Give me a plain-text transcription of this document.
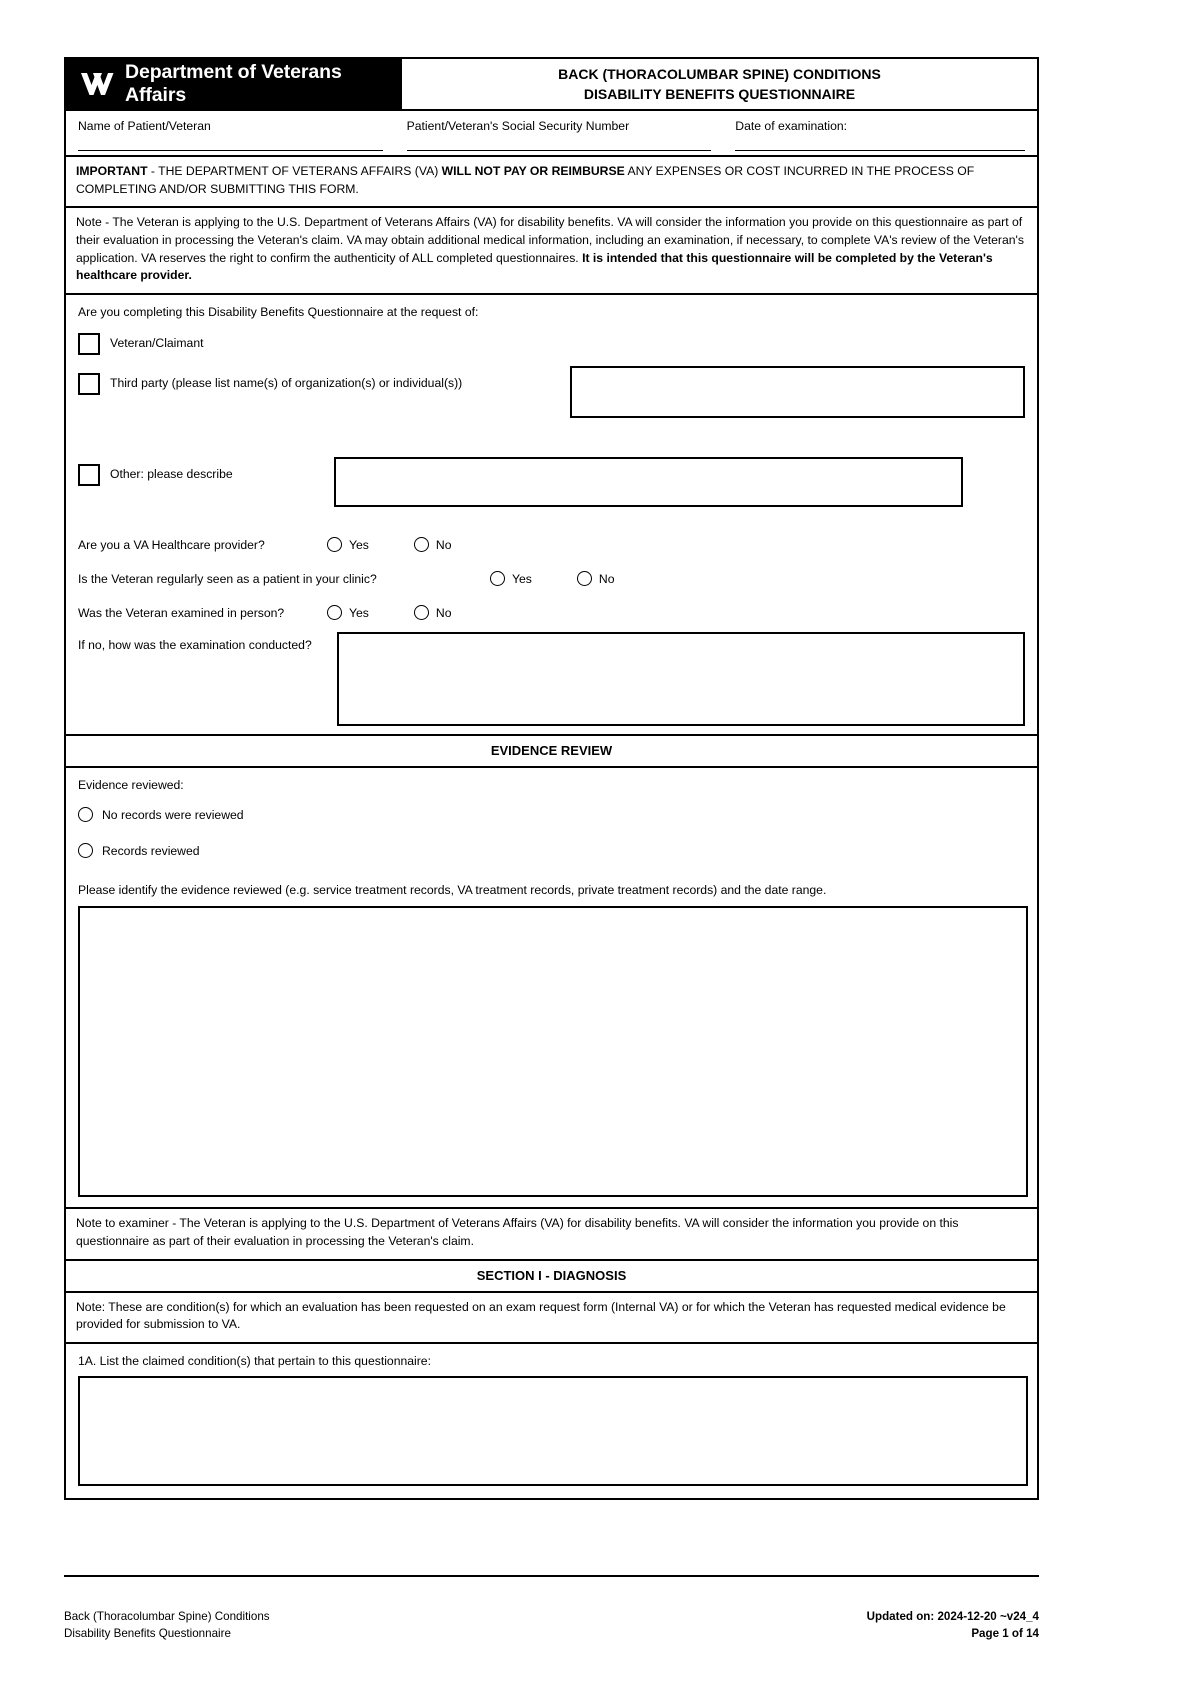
Department of Veterans Affairs
BACK (THORACOLUMBAR SPINE) CONDITIONS
DISABILITY BENEFITS QUESTIONNAIRE
Name of Patient/Veteran	Patient/Veteran's Social Security Number	Date of examination:
IMPORTANT - THE DEPARTMENT OF VETERANS AFFAIRS (VA) WILL NOT PAY OR REIMBURSE ANY EXPENSES OR COST INCURRED IN THE PROCESS OF COMPLETING AND/OR SUBMITTING THIS FORM.
Note - The Veteran is applying to the U.S. Department of Veterans Affairs (VA) for disability benefits. VA will consider the information you provide on this questionnaire as part of their evaluation in processing the Veteran's claim. VA may obtain additional medical information, including an examination, if necessary, to complete VA's review of the Veteran's application. VA reserves the right to confirm the authenticity of ALL completed questionnaires. It is intended that this questionnaire will be completed by the Veteran's healthcare provider.
Are you completing this Disability Benefits Questionnaire at the request of:
Veteran/Claimant
Third party (please list name(s) of organization(s) or individual(s))
Other: please describe
Are you a VA Healthcare provider?	Yes	No
Is the Veteran regularly seen as a patient in your clinic?	Yes	No
Was the Veteran examined in person?	Yes	No
If no, how was the examination conducted?
EVIDENCE REVIEW
Evidence reviewed:
No records were reviewed
Records reviewed
Please identify the evidence reviewed (e.g. service treatment records, VA treatment records, private treatment records) and the date range.
Note to examiner - The Veteran is applying to the U.S. Department of Veterans Affairs (VA) for disability benefits. VA will consider the information you provide on this questionnaire as part of their evaluation in processing the Veteran's claim.
SECTION I - DIAGNOSIS
Note: These are condition(s) for which an evaluation has been requested on an exam request form (Internal VA) or for which the Veteran has requested medical evidence be provided for submission to VA.
1A. List the claimed condition(s) that pertain to this questionnaire:
Back (Thoracolumbar Spine) Conditions
Disability Benefits Questionnaire
Updated on: 2024-12-20 ~v24_4
Page 1 of 14
